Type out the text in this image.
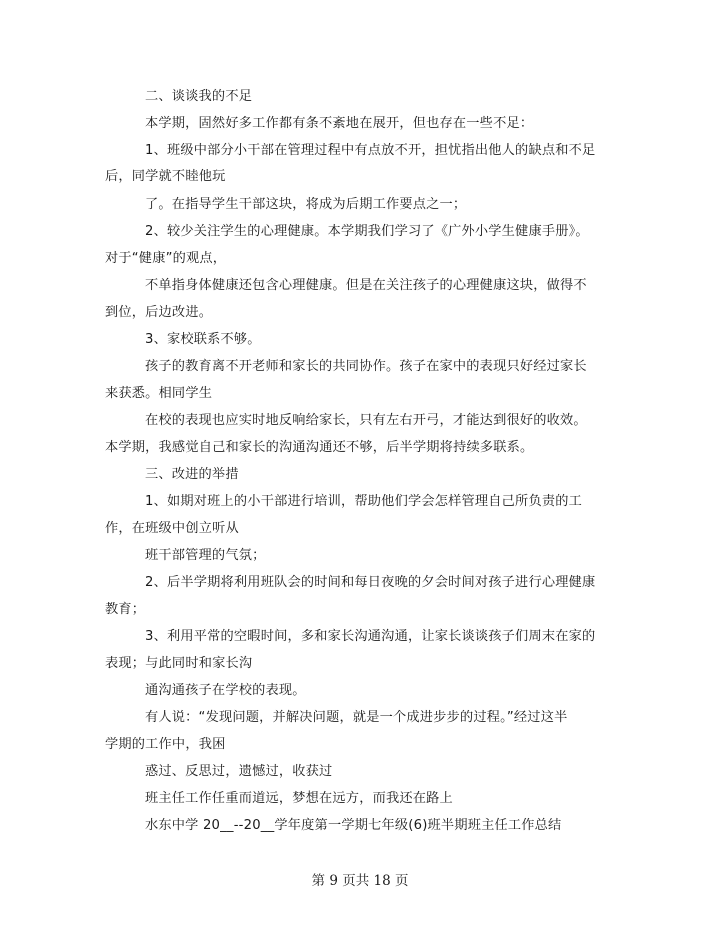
二、谈谈我的不足
本学期，固然好多工作都有条不紊地在展开，但也存在一些不足：
1、班级中部分小干部在管理过程中有点放不开，担忧指出他人的缺点和不足
后，同学就不睦他玩
了。在指导学生干部这块，将成为后期工作要点之一；
2、较少关注学生的心理健康。本学期我们学习了《广外小学生健康手册》。
对于“健康”的观点，
不单指身体健康还包含心理健康。但是在关注孩子的心理健康这块，做得不
到位，后边改进。
3、家校联系不够。
孩子的教育离不开老师和家长的共同协作。孩子在家中的表现只好经过家长
来获悉。相同学生
在校的表现也应实时地反响给家长，只有左右开弓，才能达到很好的收效。
本学期，我感觉自己和家长的沟通沟通还不够，后半学期将持续多联系。
三、改进的举措
1、如期对班上的小干部进行培训，帮助他们学会怎样管理自己所负责的工
作，在班级中创立听从
班干部管理的气氛；
2、后半学期将利用班队会的时间和每日夜晚的夕会时间对孩子进行心理健康
教育；
3、利用平常的空暇时间，多和家长沟通沟通，让家长谈谈孩子们周末在家的
表现；与此同时和家长沟
通沟通孩子在学校的表现。
有人说：“发现问题，并解决问题，就是一个成进步步的过程。”经过这半
学期的工作中，我困
惑过、反思过，遗憾过，收获过
班主任工作任重而道远，梦想在远方，而我还在路上
水东中学 20__--20__学年度第一学期七年级(6)班半期班主任工作总结
第 9 页共 18 页
